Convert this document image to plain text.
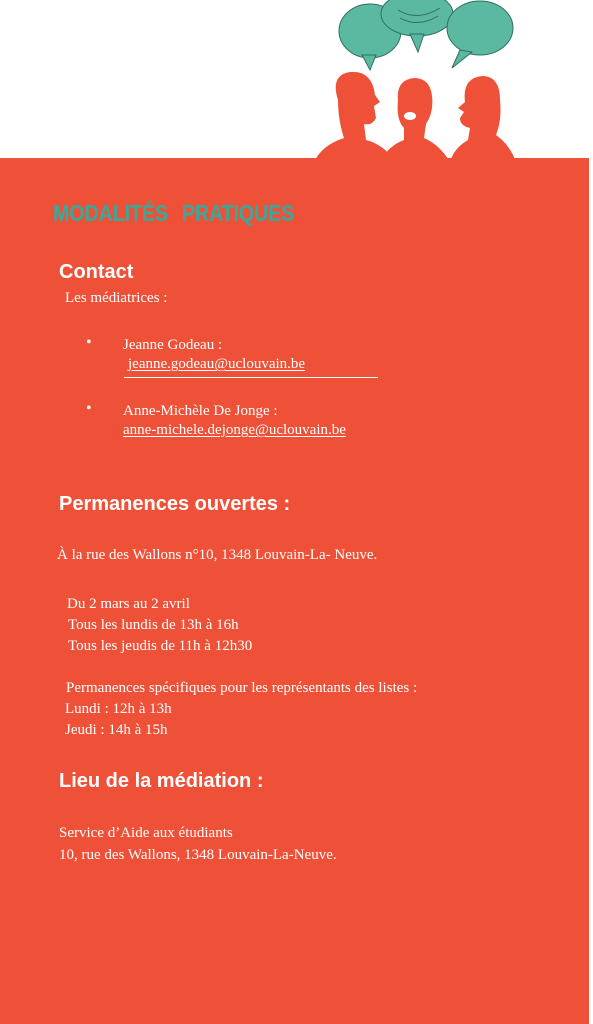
MODALITÉS PRATIQUES
Contact
Les médiatrices :
• Jeanne Godeau :
jeanne.godeau@uclouvain.be
• Anne-Michèle De Jonge :
anne-michele.dejonge@uclouvain.be
Permanences ouvertes :
À la rue des Wallons n°10, 1348 Louvain-La- Neuve.
Du 2 mars au 2 avril
Tous les lundis de 13h à 16h
Tous les jeudis de 11h à 12h30
Permanences spécifiques pour les représentants des listes :
Lundi : 12h à 13h
Jeudi : 14h à 15h
Lieu de la médiation :
Service d’Aide aux étudiants
10, rue des Wallons, 1348 Louvain-La-Neuve.
